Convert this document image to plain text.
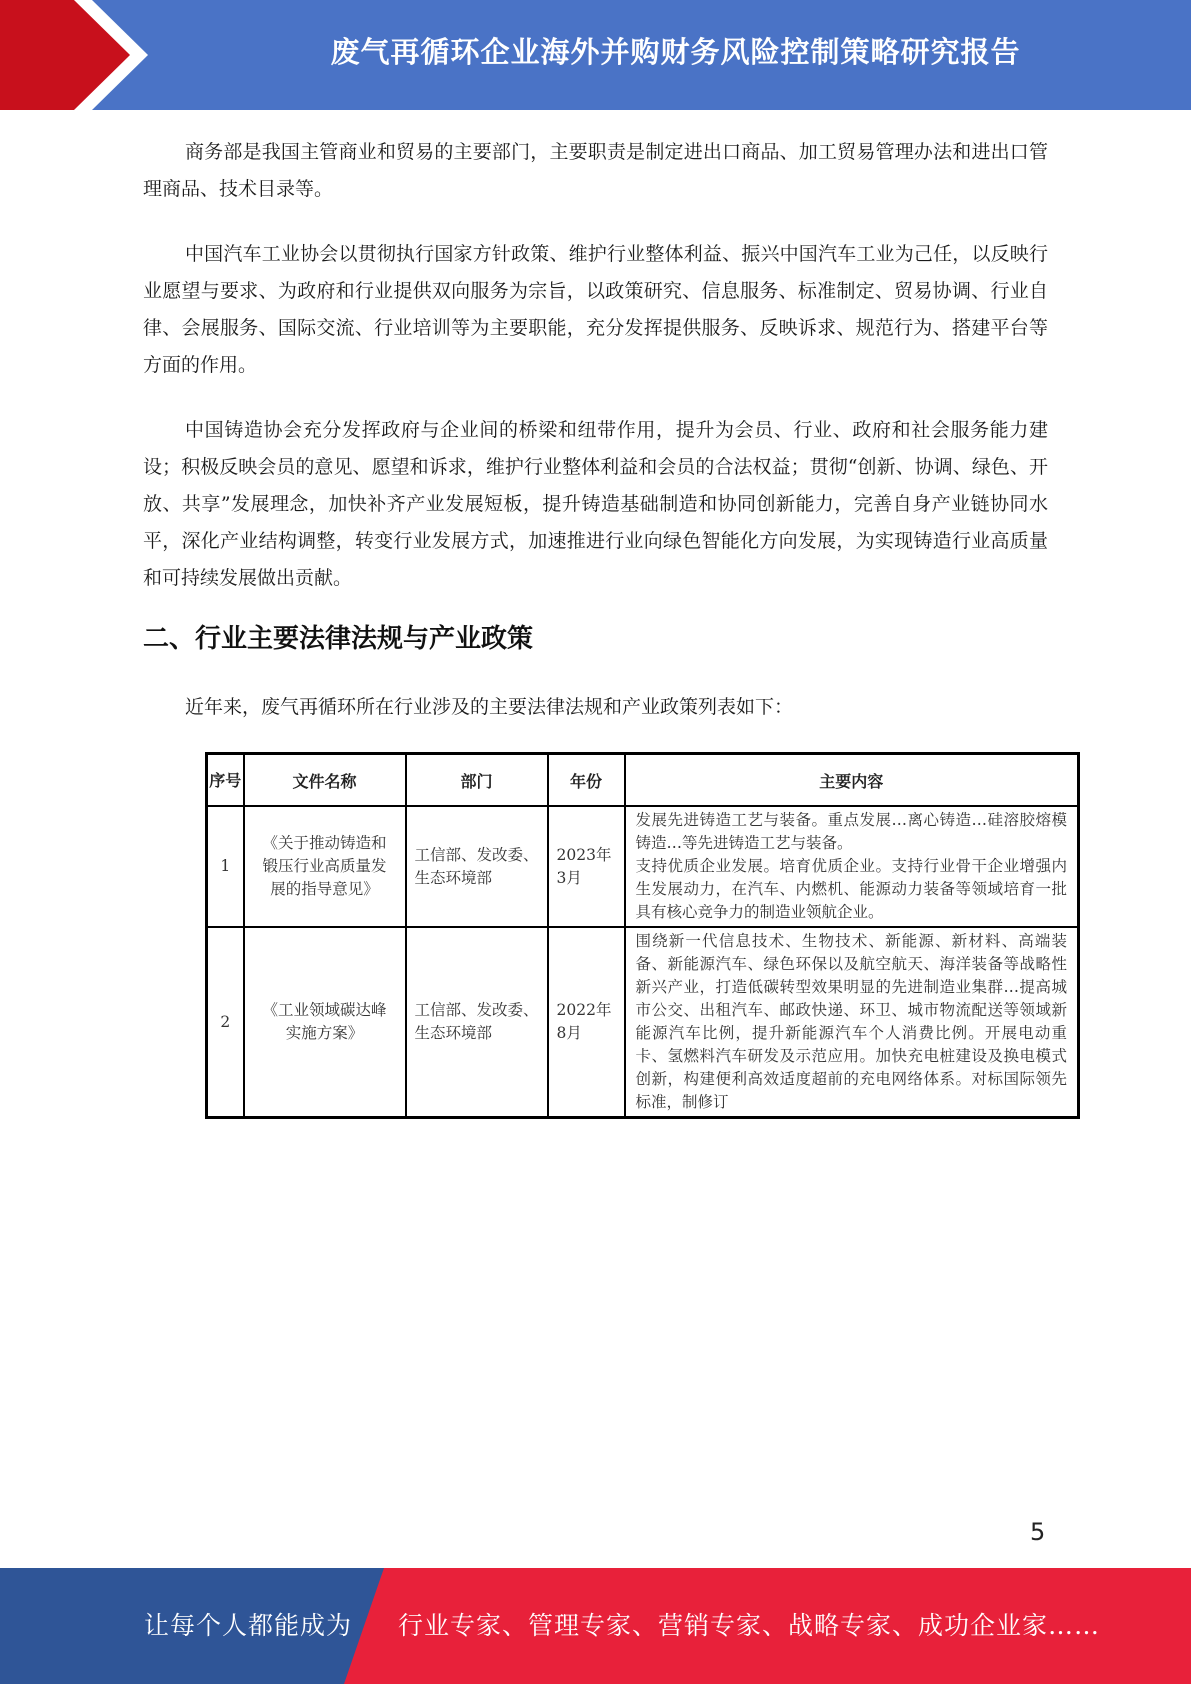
废气再循环企业海外并购财务风险控制策略研究报告

商务部是我国主管商业和贸易的主要部门，主要职责是制定进出口商品、加工贸易管理办法和进出口管理商品、技术目录等。

中国汽车工业协会以贯彻执行国家方针政策、维护行业整体利益、振兴中国汽车工业为己任，以反映行业愿望与要求、为政府和行业提供双向服务为宗旨，以政策研究、信息服务、标准制定、贸易协调、行业自律、会展服务、国际交流、行业培训等为主要职能，充分发挥提供服务、反映诉求、规范行为、搭建平台等方面的作用。

中国铸造协会充分发挥政府与企业间的桥梁和纽带作用，提升为会员、行业、政府和社会服务能力建设；积极反映会员的意见、愿望和诉求，维护行业整体利益和会员的合法权益；贯彻“创新、协调、绿色、开放、共享”发展理念，加快补齐产业发展短板，提升铸造基础制造和协同创新能力，完善自身产业链协同水平，深化产业结构调整，转变行业发展方式，加速推进行业向绿色智能化方向发展，为实现铸造行业高质量和可持续发展做出贡献。

二、行业主要法律法规与产业政策

近年来，废气再循环所在行业涉及的主要法律法规和产业政策列表如下：

序号	文件名称	部门	年份	主要内容
1	《关于推动铸造和锻压行业高质量发展的指导意见》	工信部、发改委、生态环境部	2023年3月	发展先进铸造工艺与装备。重点发展…离心铸造…硅溶胶熔模铸造…等先进铸造工艺与装备。
支持优质企业发展。培育优质企业。支持行业骨干企业增强内生发展动力，在汽车、内燃机、能源动力装备等领域培育一批具有核心竞争力的制造业领航企业。
2	《工业领域碳达峰实施方案》	工信部、发改委、生态环境部	2022年8月	围绕新一代信息技术、生物技术、新能源、新材料、高端装备、新能源汽车、绿色环保以及航空航天、海洋装备等战略性新兴产业，打造低碳转型效果明显的先进制造业集群…提高城市公交、出租汽车、邮政快递、环卫、城市物流配送等领域新能源汽车比例，提升新能源汽车个人消费比例。开展电动重卡、氢燃料汽车研发及示范应用。加快充电桩建设及换电模式创新，构建便利高效适度超前的充电网络体系。对标国际领先标准，制修订
5
让每个人都能成为 行业专家、管理专家、营销专家、战略专家、成功企业家……
